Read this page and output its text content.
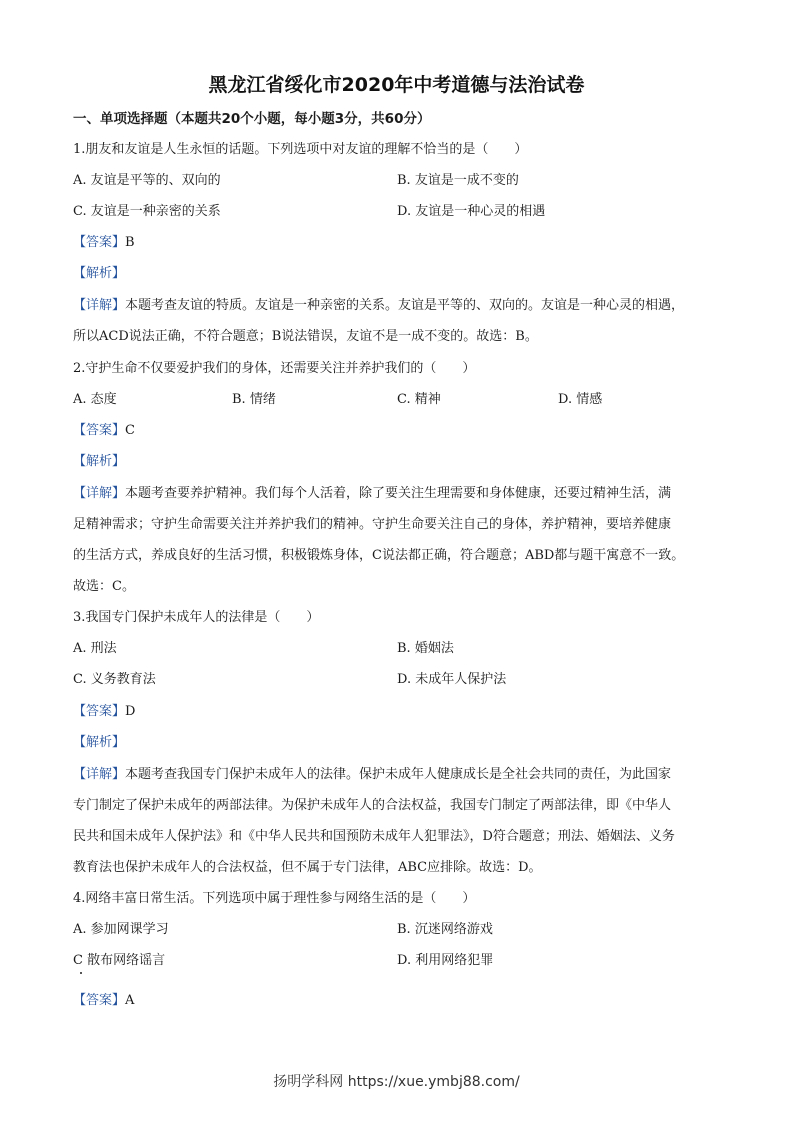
黑龙江省绥化市2020年中考道德与法治试卷
一、单项选择题（本题共20个小题，每小题3分，共60分）
1.朋友和友谊是人生永恒的话题。下列选项中对友谊的理解不恰当的是（　　）
A. 友谊是平等的、双向的	B. 友谊是一成不变的
C. 友谊是一种亲密的关系	D. 友谊是一种心灵的相遇
【答案】B
【解析】
【详解】本题考查友谊的特质。友谊是一种亲密的关系。友谊是平等的、双向的。友谊是一种心灵的相遇，
所以ACD说法正确，不符合题意；B说法错误，友谊不是一成不变的。故选：B。
2.守护生命不仅要爱护我们的身体，还需要关注并养护我们的（　　）
A. 态度	B. 情绪	C. 精神	D. 情感
【答案】C
【解析】
【详解】本题考查要养护精神。我们每个人活着，除了要关注生理需要和身体健康，还要过精神生活，满
足精神需求；守护生命需要关注并养护我们的精神。守护生命要关注自己的身体，养护精神，要培养健康
的生活方式，养成良好的生活习惯，积极锻炼身体，C说法都正确，符合题意；ABD都与题干寓意不一致。
故选：C。
3.我国专门保护未成年人的法律是（　　）
A. 刑法	B. 婚姻法
C. 义务教育法	D. 未成年人保护法
【答案】D
【解析】
【详解】本题考查我国专门保护未成年人的法律。保护未成年人健康成长是全社会共同的责任，为此国家
专门制定了保护未成年的两部法律。为保护未成年人的合法权益，我国专门制定了两部法律，即《中华人
民共和国未成年人保护法》和《中华人民共和国预防未成年人犯罪法》，D符合题意；刑法、婚姻法、义务
教育法也保护未成年人的合法权益，但不属于专门法律，ABC应排除。故选：D。
4.网络丰富日常生活。下列选项中属于理性参与网络生活的是（　　）
A. 参加网课学习	B. 沉迷网络游戏
C 散布网络谣言	D. 利用网络犯罪
【答案】A
扬明学科网 https://xue.ymbj88.com/
